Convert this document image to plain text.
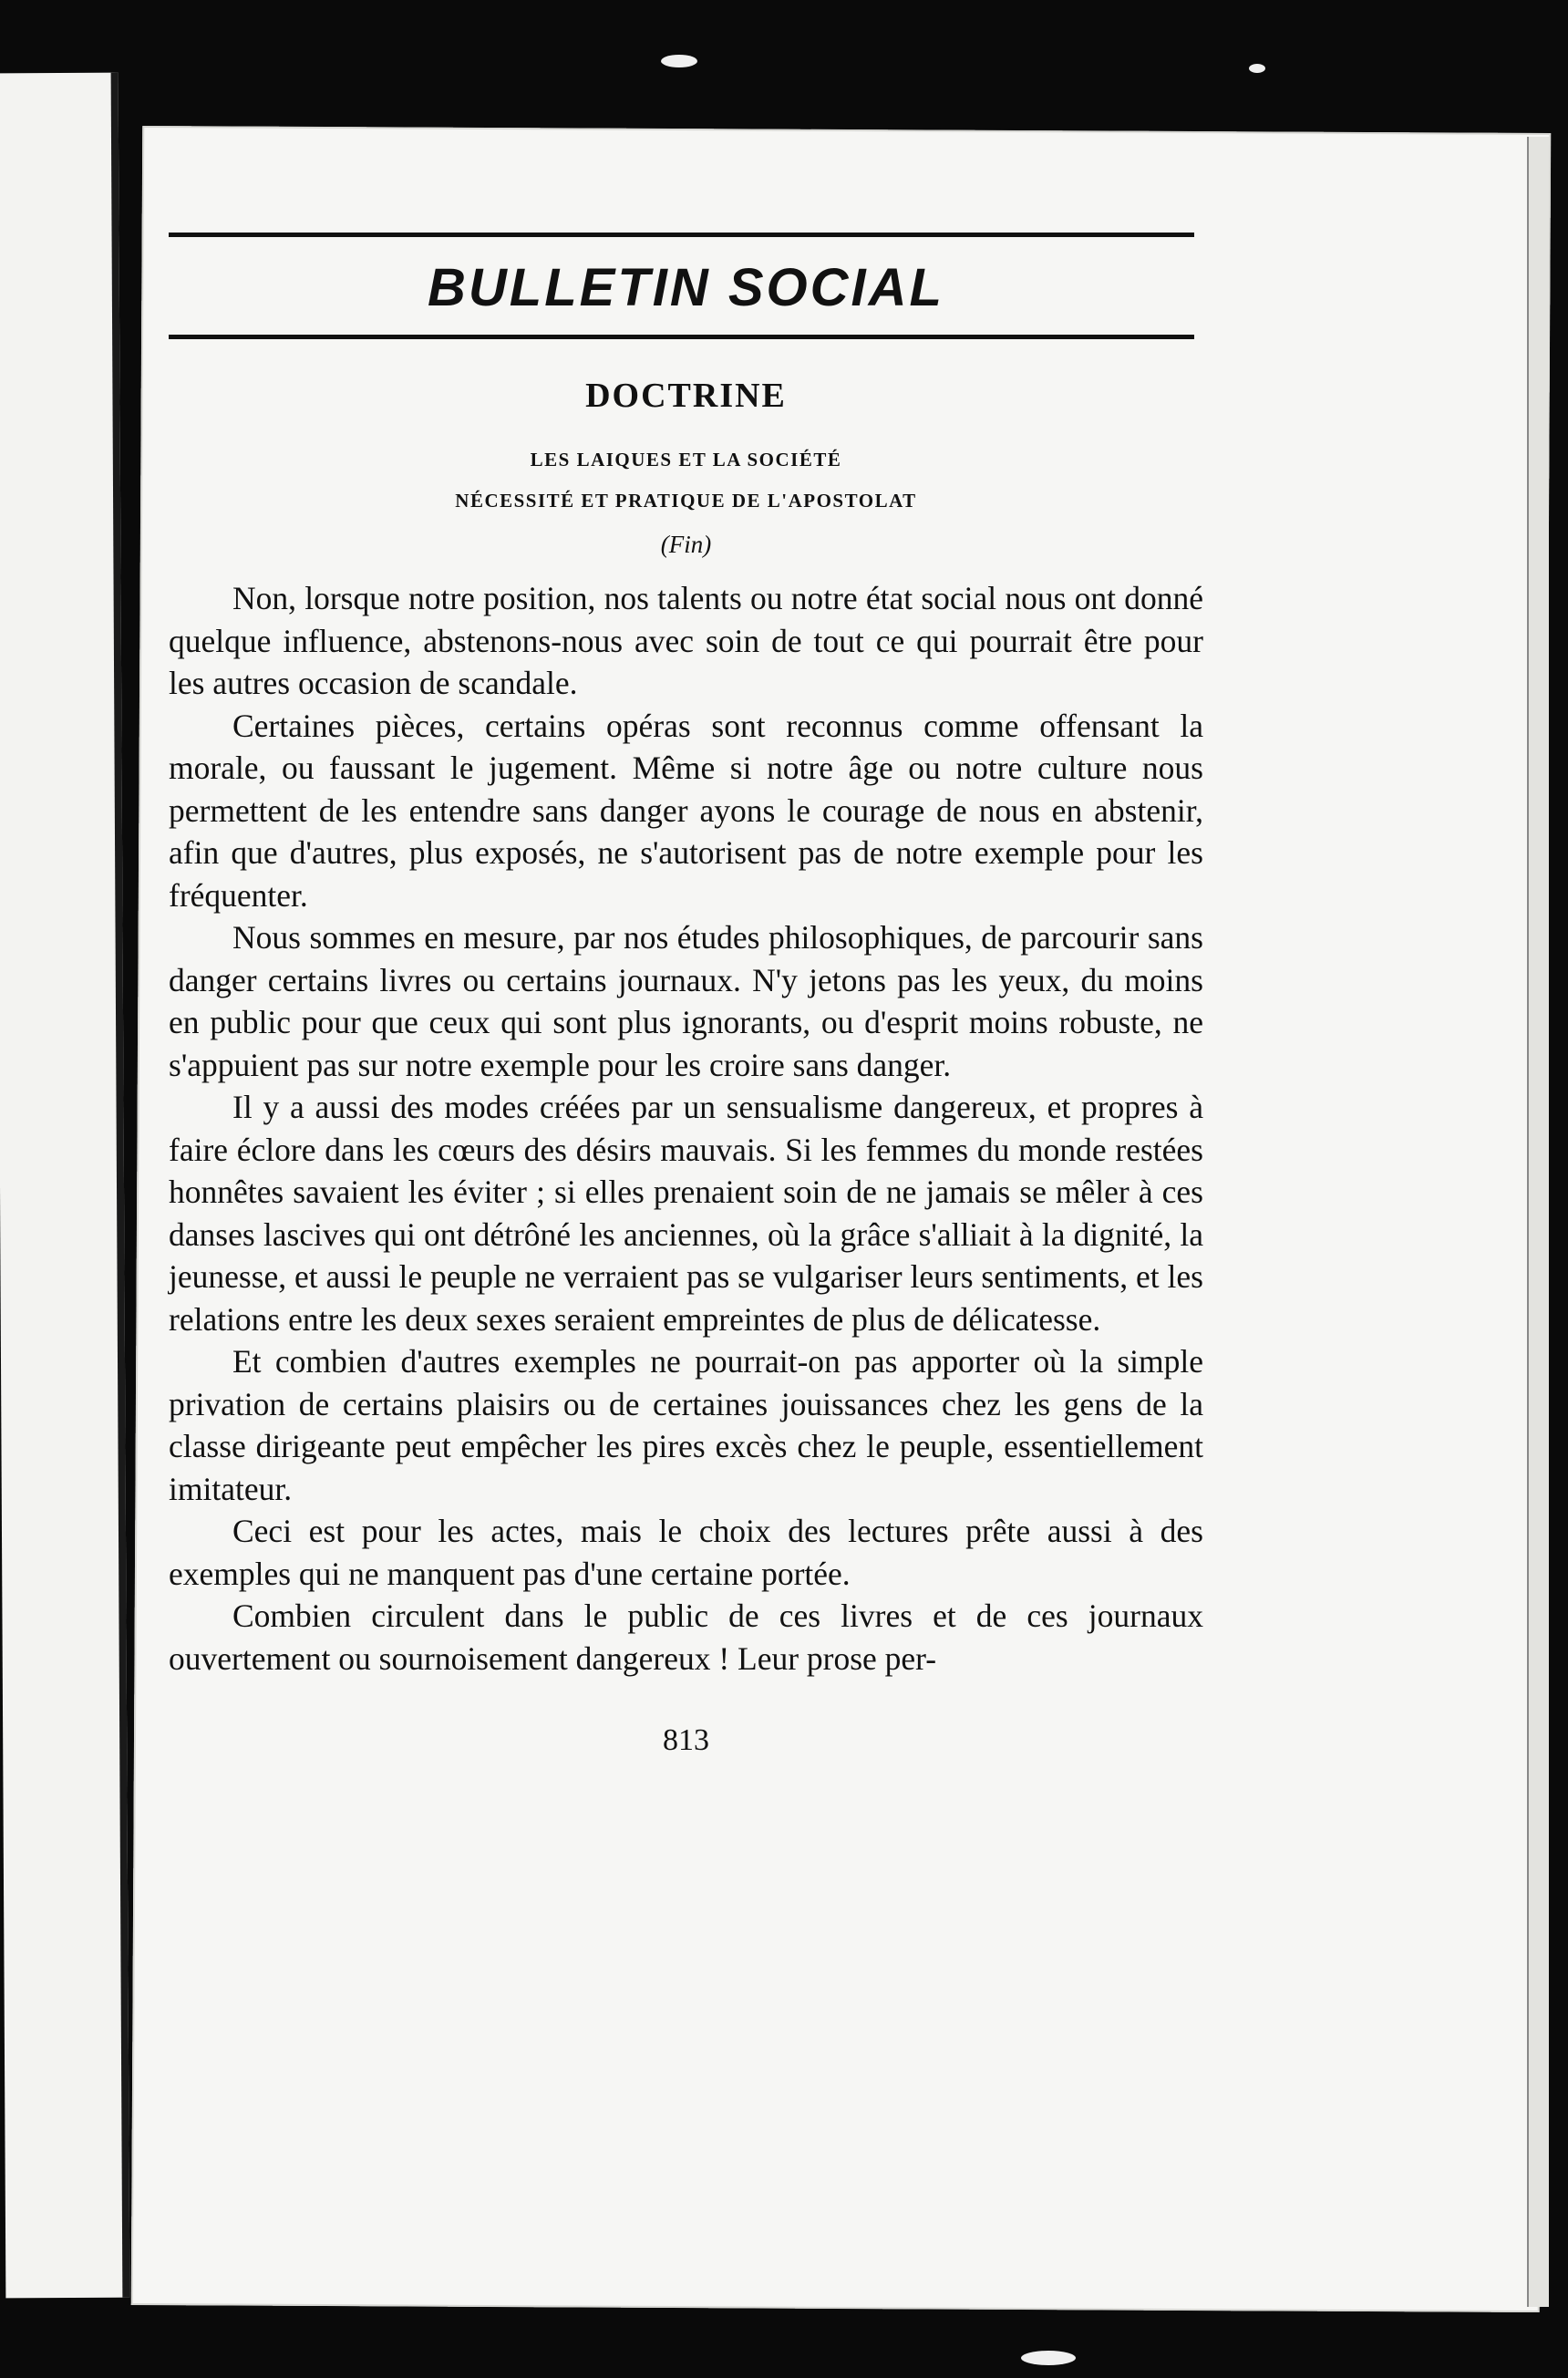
BULLETIN SOCIAL
DOCTRINE
LES LAIQUES ET LA SOCIÉTÉ
NÉCESSITÉ ET PRATIQUE DE L'APOSTOLAT
(Fin)

Non, lorsque notre position, nos talents ou notre état social nous ont donné quelque influence, abstenons-nous avec soin de tout ce qui pourrait être pour les autres occasion de scandale.

Certaines pièces, certains opéras sont reconnus comme offensant la morale, ou faussant le jugement. Même si notre âge ou notre culture nous permettent de les entendre sans danger ayons le courage de nous en abstenir, afin que d'autres, plus exposés, ne s'autorisent pas de notre exemple pour les fréquenter.

Nous sommes en mesure, par nos études philosophiques, de parcourir sans danger certains livres ou certains journaux. N'y jetons pas les yeux, du moins en public pour que ceux qui sont plus ignorants, ou d'esprit moins robuste, ne s'appuient pas sur notre exemple pour les croire sans danger.

Il y a aussi des modes créées par un sensualisme dangereux, et propres à faire éclore dans les cœurs des désirs mauvais. Si les femmes du monde restées honnêtes savaient les éviter ; si elles prenaient soin de ne jamais se mêler à ces danses lascives qui ont détrôné les anciennes, où la grâce s'alliait à la dignité, la jeunesse, et aussi le peuple ne verraient pas se vulgariser leurs sentiments, et les relations entre les deux sexes seraient empreintes de plus de délicatesse.

Et combien d'autres exemples ne pourrait-on pas apporter où la simple privation de certains plaisirs ou de certaines jouissances chez les gens de la classe dirigeante peut empêcher les pires excès chez le peuple, essentiellement imitateur.

Ceci est pour les actes, mais le choix des lectures prête aussi à des exemples qui ne manquent pas d'une certaine portée.

Combien circulent dans le public de ces livres et de ces journaux ouvertement ou sournoisement dangereux ! Leur prose per-

813
